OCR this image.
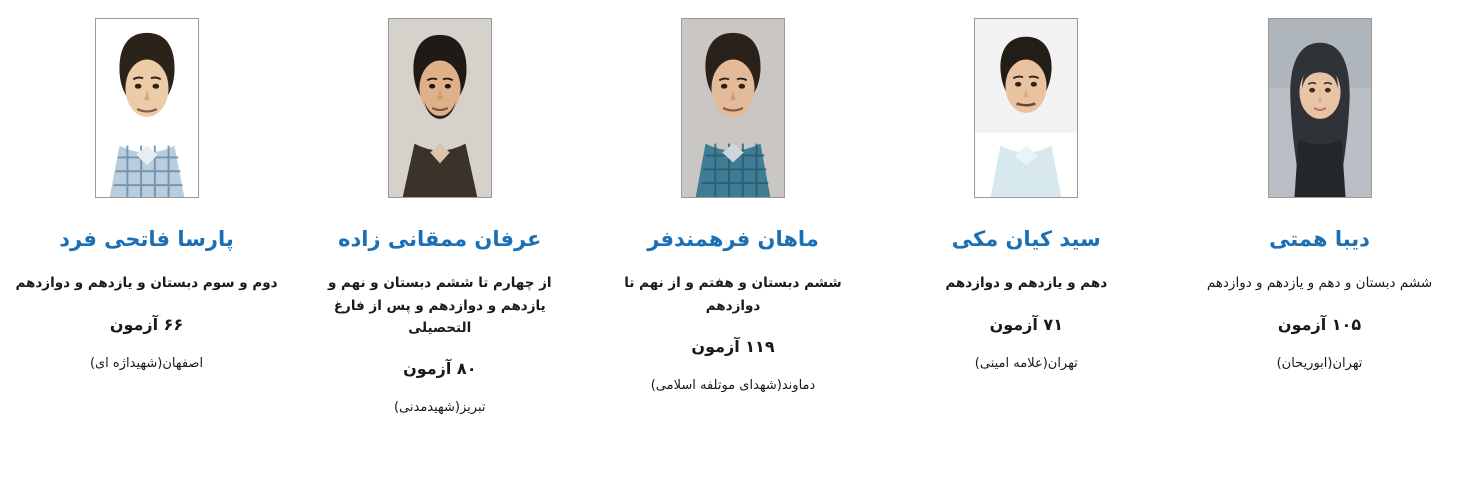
دیبا همتی
ششم دبستان و دهم و یازدهم و دوازدهم
۱۰۵ آزمون
تهران(ابوریحان)
سید کیان مکی
دهم و یازدهم و دوازدهم
۷۱ آزمون
تهران(علامه امینی)
ماهان فرهمندفر
ششم دبستان و هفتم و از نهم تا دوازدهم
۱۱۹ آزمون
دماوند(شهدای موتلفه اسلامی)
عرفان ممقانی زاده
از چهارم تا ششم دبستان و نهم و یازدهم و دوازدهم و پس از فارغ التحصیلی
۸۰ آزمون
تبریز(شهیدمدنی)
پارسا فاتحی فرد
دوم و سوم دبستان و یازدهم و دوازدهم
۶۶ آزمون
اصفهان(شهیداژه ای)
